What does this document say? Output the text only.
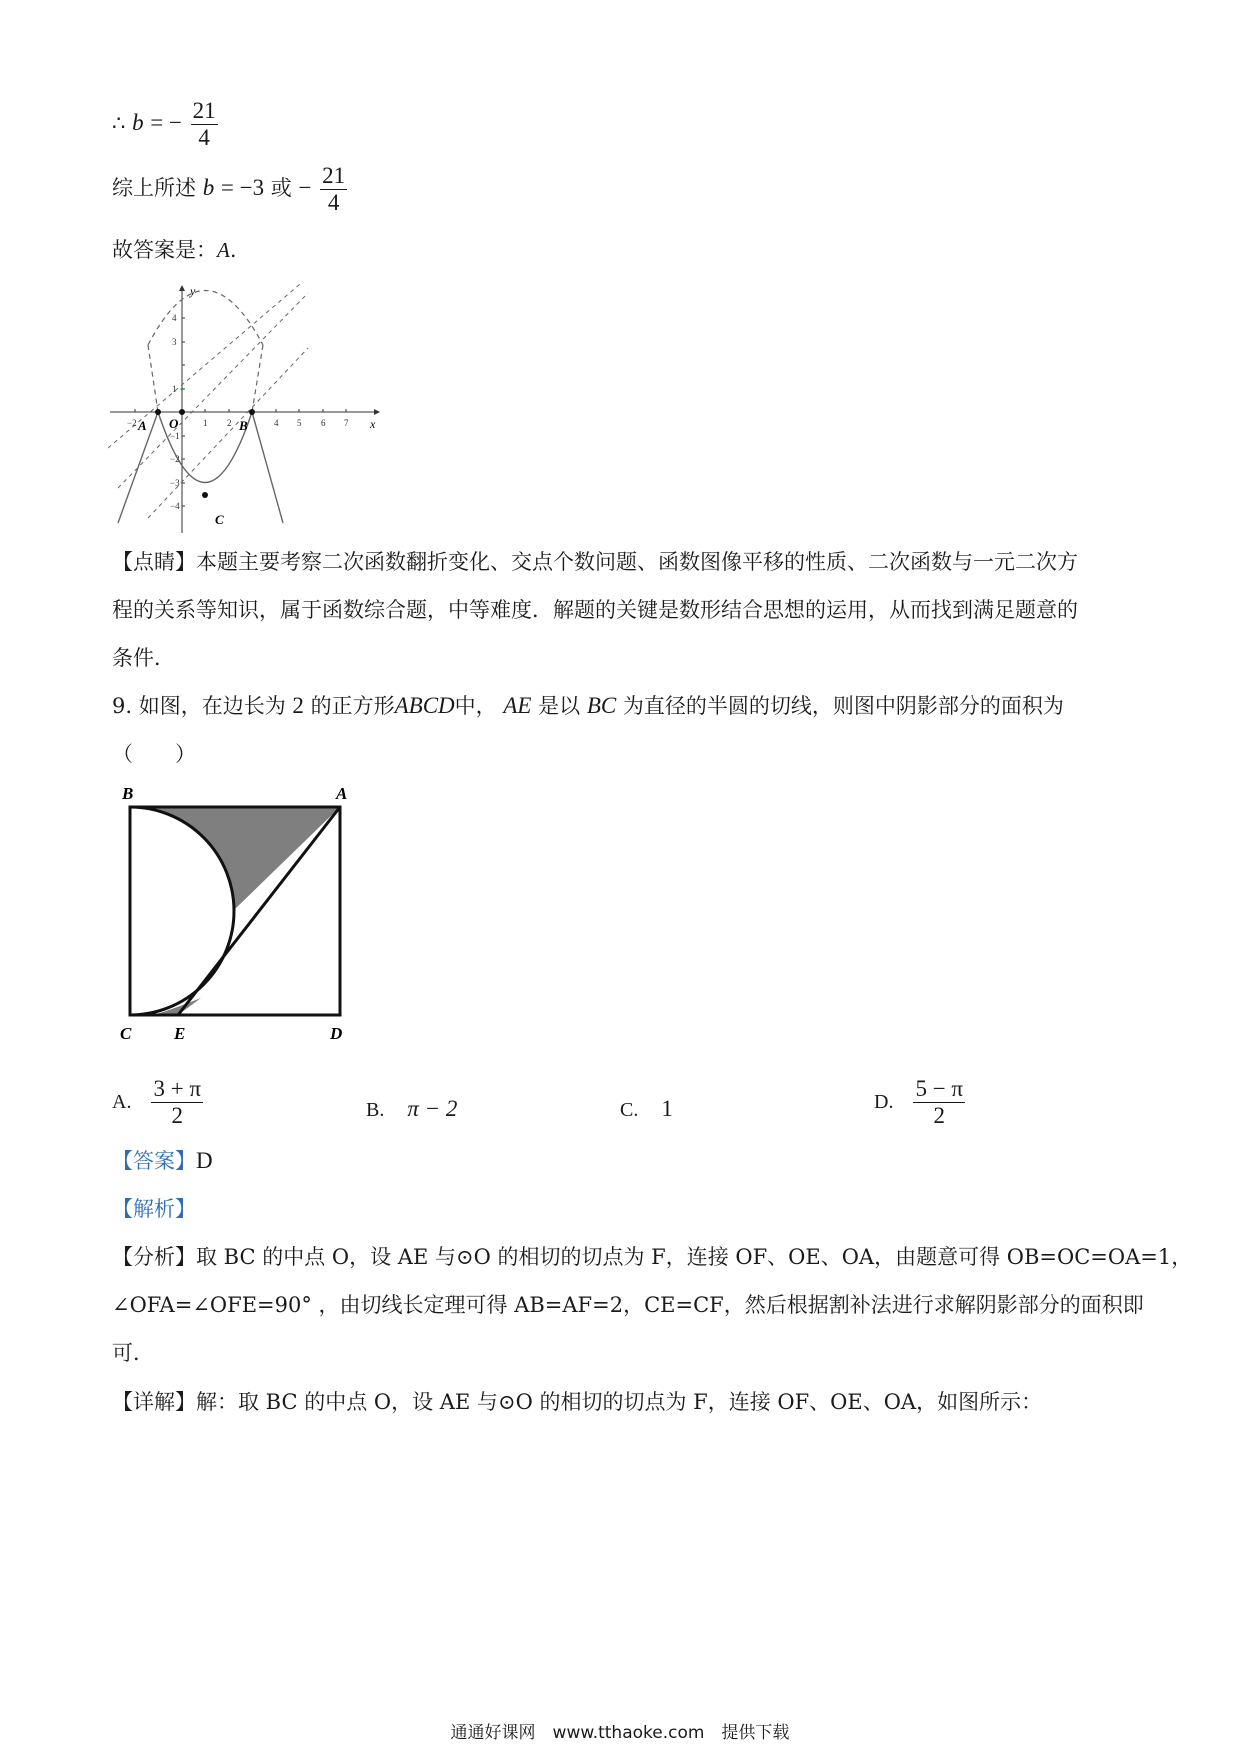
∴ b = − $\frac{21}{4}$
综上所述 b = −3 或 − $\frac{21}{4}$
故答案是：A.
y
x
O
A	B
C
−2	1 2	4 5 6 7
4
3
1
−1
−2
−3
−4
【点睛】本题主要考察二次函数翻折变化、交点个数问题、函数图像平移的性质、二次函数与一元二次方
程的关系等知识，属于函数综合题，中等难度．解题的关键是数形结合思想的运用，从而找到满足题意的
条件．
9. 如图，在边长为 2 的正方形ABCD中， AE 是以 BC 为直径的半圆的切线，则图中阴影部分的面积为
（　　）
B	A
C	E	D
A. $\frac{3 + \pi}{2}$	B. π − 2	C. 1	D. $\frac{5 - \pi}{2}$
【答案】D
【解析】
【分析】取 BC 的中点 O，设 AE 与⊙O 的相切的切点为 F，连接 OF、OE、OA，由题意可得 OB=OC=OA=1，
∠OFA=∠OFE=90° ，由切线长定理可得 AB=AF=2，CE=CF，然后根据割补法进行求解阴影部分的面积即
可．
【详解】解：取 BC 的中点 O，设 AE 与⊙O 的相切的切点为 F，连接 OF、OE、OA，如图所示：
通通好课网　www.tthaoke.com　提供下载
